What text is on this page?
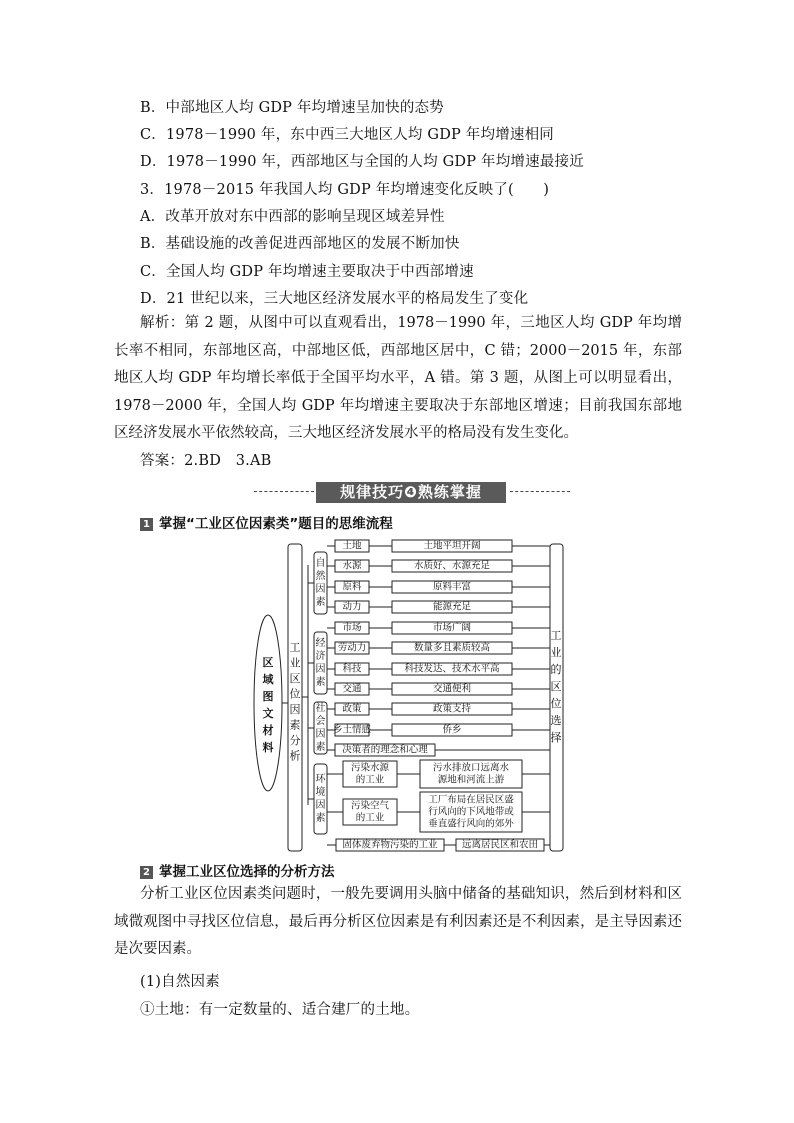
B．中部地区人均 GDP 年均增速呈加快的态势
C．1978－1990 年，东中西三大地区人均 GDP 年均增速相同
D．1978－1990 年，西部地区与全国的人均 GDP 年均增速最接近
3．1978－2015 年我国人均 GDP 年均增速变化反映了(　　)
A．改革开放对东中西部的影响呈现区域差异性
B．基础设施的改善促进西部地区的发展不断加快
C．全国人均 GDP 年均增速主要取决于中西部增速
D．21 世纪以来，三大地区经济发展水平的格局发生了变化
解析：第 2 题，从图中可以直观看出，1978－1990 年，三地区人均 GDP 年均增长率不相同，东部地区高，中部地区低，西部地区居中，C 错；2000－2015 年，东部地区人均 GDP 年均增长率低于全国平均水平，A 错。第 3 题，从图上可以明显看出，1978－2000 年，全国人均 GDP 年均增速主要取决于东部地区增速；目前我国东部地区经济发展水平依然较高，三大地区经济发展水平的格局没有发生变化。
答案：2.BD　3.AB
规律技巧❹熟练掌握
1 掌握“工业区位因素类”题目的思维流程
区
域
图
文
材
料
工
业
区
位
因
素
分
析
工
业
的
区
位
选
择
自
然
因
素
土地	土地平坦开阔
水源	水质好、水源充足
原料	原料丰富
动力	能源充足
经
济
因
素
市场	市场广阔
劳动力	数量多且素质较高
科技	科技发达、技术水平高
交通	交通便利
社
会
因
素
政策	政策支持
乡土情感	侨乡
决策者的理念和心理
环
境
因
素
污染水源
的工业
污水排放口远离水
源地和河流上游
污染空气
的工业
工厂布局在居民区盛
行风向的下风地带或
垂直盛行风向的郊外
固体废弃物污染的工业	远离居民区和农田
2 掌握工业区位选择的分析方法
分析工业区位因素类问题时，一般先要调用头脑中储备的基础知识，然后到材料和区域微观图中寻找区位信息，最后再分析区位因素是有利因素还是不利因素，是主导因素还是次要因素。
(1)自然因素
①土地：有一定数量的、适合建厂的土地。
